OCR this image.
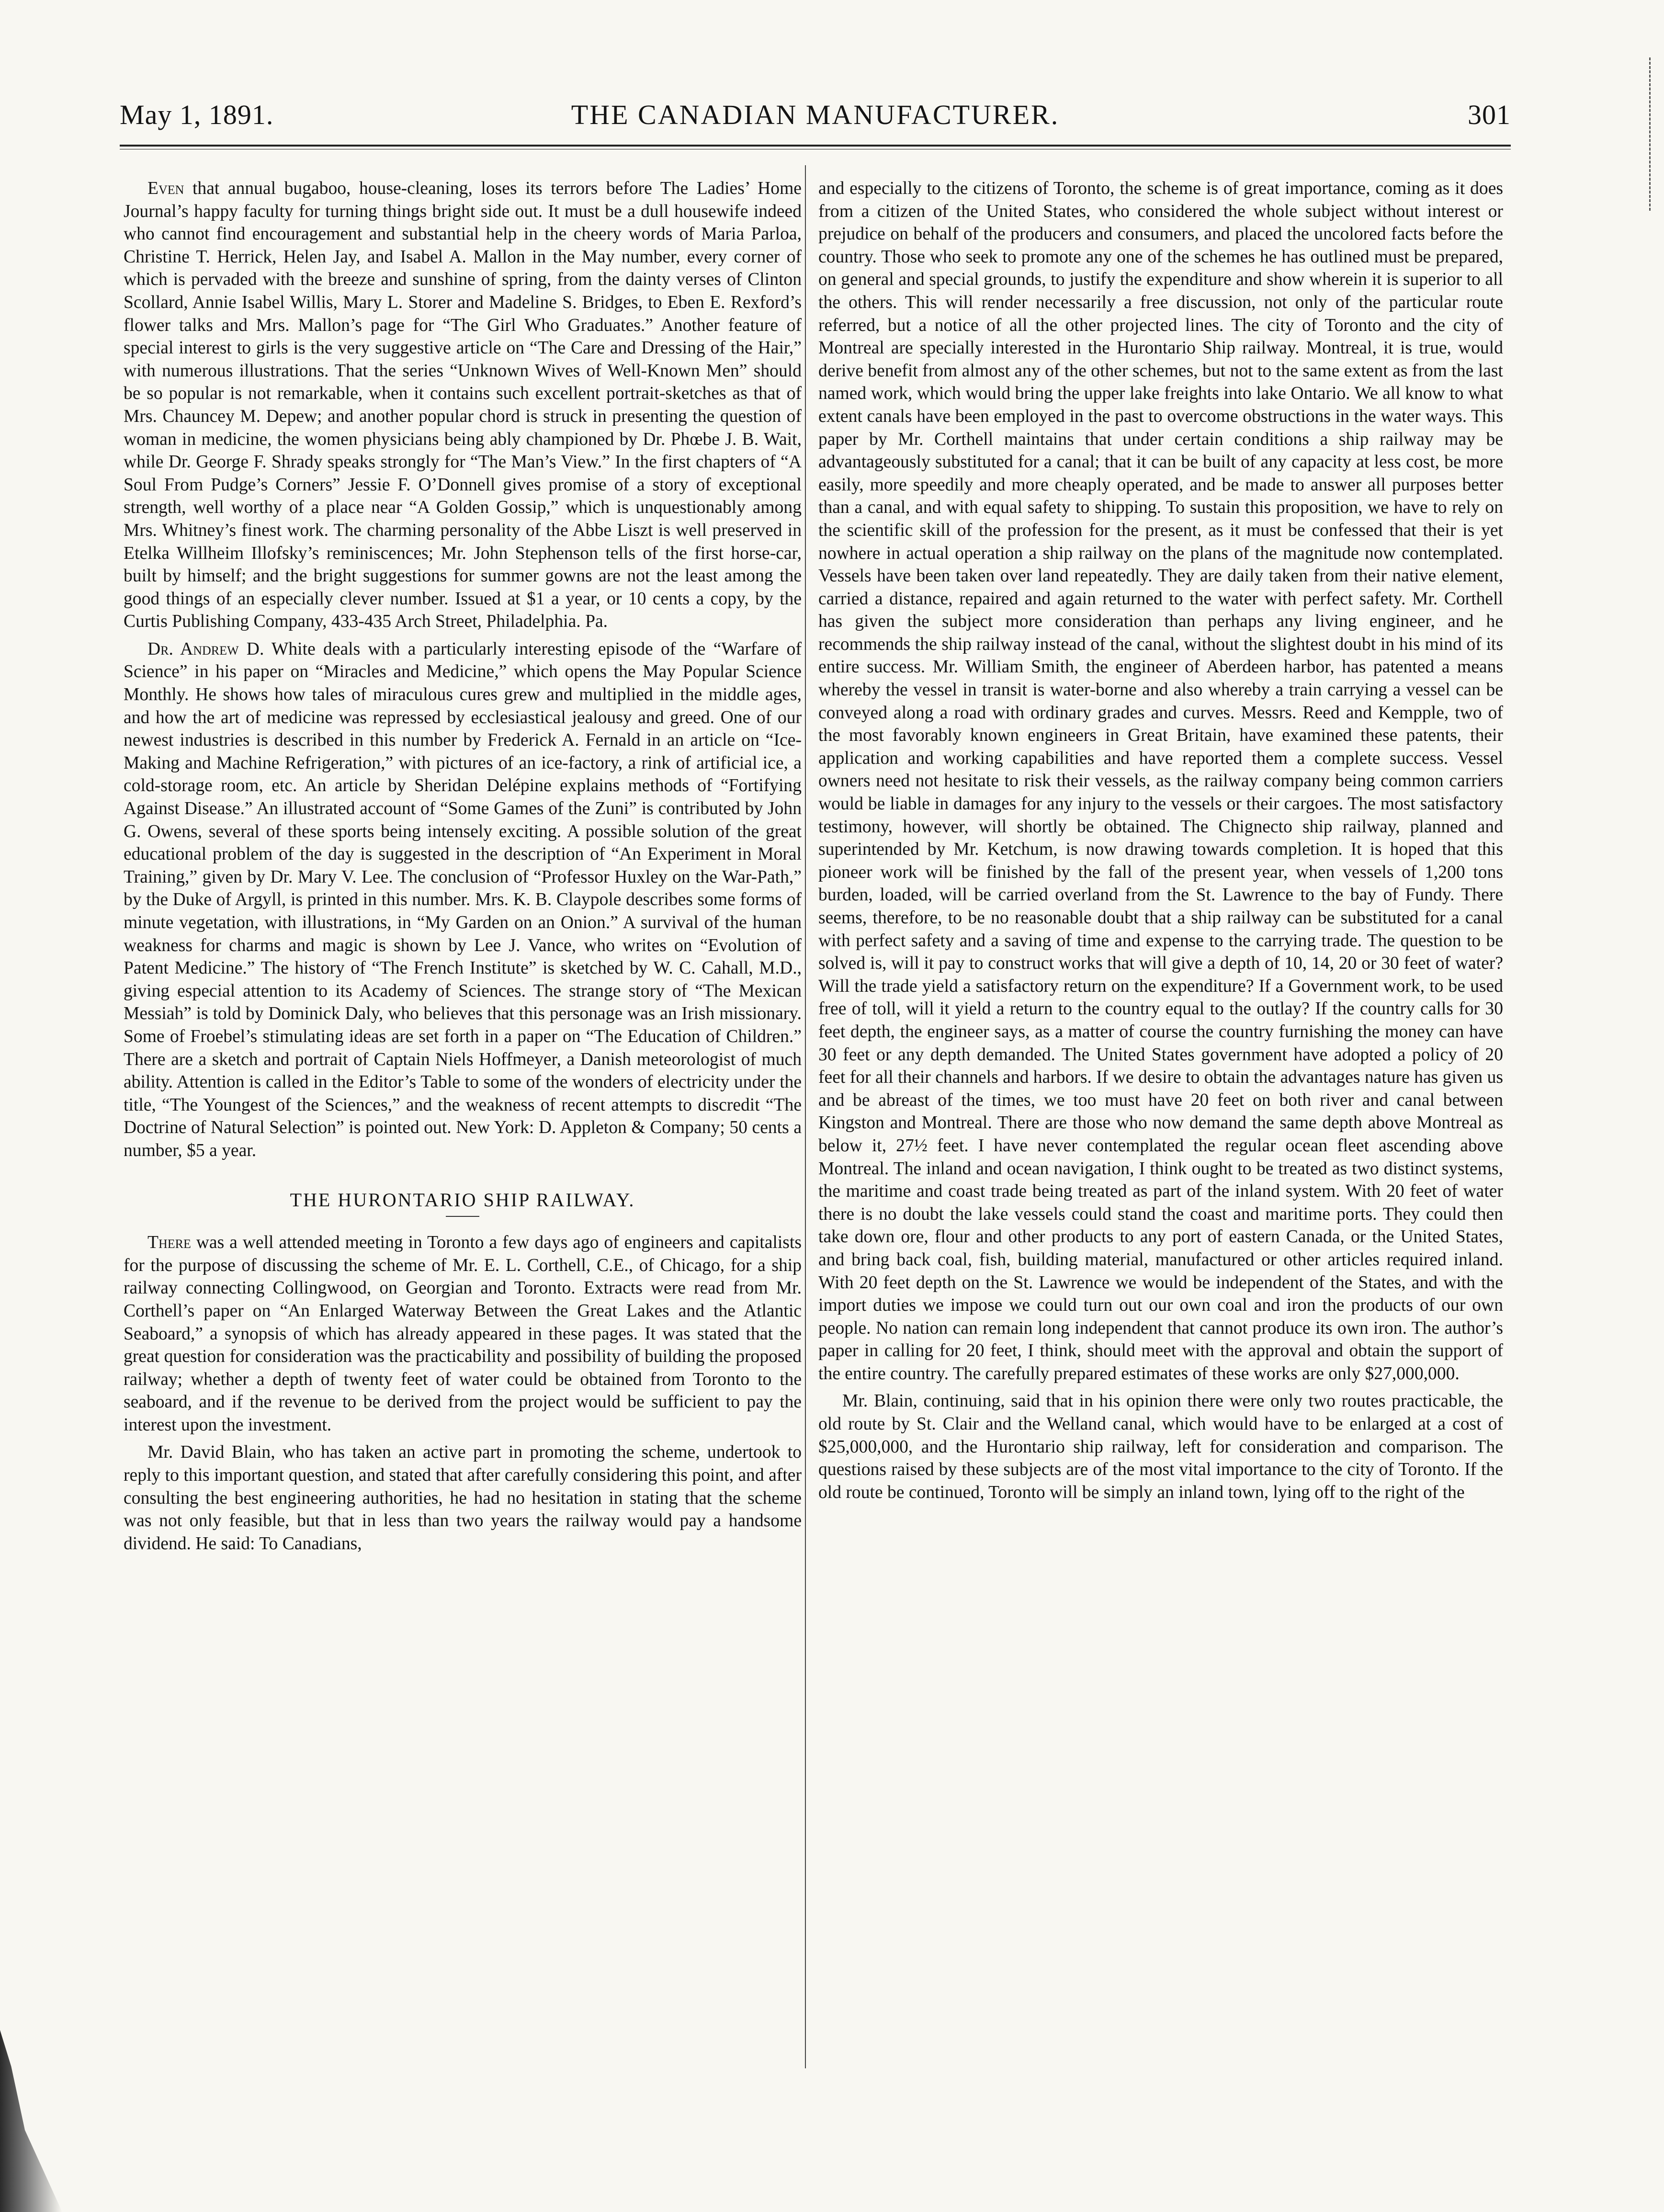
May 1, 1891.	THE CANADIAN MANUFACTURER.	301

Even that annual bugaboo, house-cleaning, loses its terrors before The Ladies’ Home Journal’s happy faculty for turning things bright side out. It must be a dull housewife indeed who cannot find encouragement and substantial help in the cheery words of Maria Parloa, Christine T. Herrick, Helen Jay, and Isabel A. Mallon in the May number, every corner of which is pervaded with the breeze and sunshine of spring, from the dainty verses of Clinton Scollard, Annie Isabel Willis, Mary L. Storer and Madeline S. Bridges, to Eben E. Rexford’s flower talks and Mrs. Mallon’s page for “The Girl Who Graduates.” Another feature of special interest to girls is the very suggestive article on “The Care and Dressing of the Hair,” with numerous illustrations. That the series “Unknown Wives of Well-Known Men” should be so popular is not remarkable, when it contains such excellent portrait-sketches as that of Mrs. Chauncey M. Depew; and another popular chord is struck in presenting the question of woman in medicine, the women physicians being ably championed by Dr. Phœbe J. B. Wait, while Dr. George F. Shrady speaks strongly for “The Man’s View.” In the first chapters of “A Soul From Pudge’s Corners” Jessie F. O’Donnell gives promise of a story of exceptional strength, well worthy of a place near “A Golden Gossip,” which is unquestionably among Mrs. Whitney’s finest work. The charming personality of the Abbe Liszt is well preserved in Etelka Willheim Illofsky’s reminiscences; Mr. John Stephenson tells of the first horse-car, built by himself; and the bright suggestions for summer gowns are not the least among the good things of an especially clever number. Issued at $1 a year, or 10 cents a copy, by the Curtis Publishing Company, 433-435 Arch Street, Philadelphia. Pa.

Dr. Andrew D. White deals with a particularly interesting episode of the “Warfare of Science” in his paper on “Miracles and Medicine,” which opens the May Popular Science Monthly. He shows how tales of miraculous cures grew and multiplied in the middle ages, and how the art of medicine was repressed by ecclesiastical jealousy and greed. One of our newest industries is described in this number by Frederick A. Fernald in an article on “Ice-Making and Machine Refrigeration,” with pictures of an ice-factory, a rink of artificial ice, a cold-storage room, etc. An article by Sheridan Delépine explains methods of “Fortifying Against Disease.” An illustrated account of “Some Games of the Zuni” is contributed by John G. Owens, several of these sports being intensely exciting. A possible solution of the great educational problem of the day is suggested in the description of “An Experiment in Moral Training,” given by Dr. Mary V. Lee. The conclusion of “Professor Huxley on the War-Path,” by the Duke of Argyll, is printed in this number. Mrs. K. B. Claypole describes some forms of minute vegetation, with illustrations, in “My Garden on an Onion.” A survival of the human weakness for charms and magic is shown by Lee J. Vance, who writes on “Evolution of Patent Medicine.” The history of “The French Institute” is sketched by W. C. Cahall, M.D., giving especial attention to its Academy of Sciences. The strange story of “The Mexican Messiah” is told by Dominick Daly, who believes that this personage was an Irish missionary. Some of Froebel’s stimulating ideas are set forth in a paper on “The Education of Children.” There are a sketch and portrait of Captain Niels Hoffmeyer, a Danish meteorologist of much ability. Attention is called in the Editor’s Table to some of the wonders of electricity under the title, “The Youngest of the Sciences,” and the weakness of recent attempts to discredit “The Doctrine of Natural Selection” is pointed out. New York: D. Appleton & Company; 50 cents a number, $5 a year.

THE HURONTARIO SHIP RAILWAY.

There was a well attended meeting in Toronto a few days ago of engineers and capitalists for the purpose of discussing the scheme of Mr. E. L. Corthell, C.E., of Chicago, for a ship railway connecting Collingwood, on Georgian and Toronto. Extracts were read from Mr. Corthell’s paper on “An Enlarged Waterway Between the Great Lakes and the Atlantic Seaboard,” a synopsis of which has already appeared in these pages. It was stated that the great question for consideration was the practicability and possibility of building the proposed railway; whether a depth of twenty feet of water could be obtained from Toronto to the seaboard, and if the revenue to be derived from the project would be sufficient to pay the interest upon the investment.

Mr. David Blain, who has taken an active part in promoting the scheme, undertook to reply to this important question, and stated that after carefully considering this point, and after consulting the best engineering authorities, he had no hesitation in stating that the scheme was not only feasible, but that in less than two years the railway would pay a handsome dividend. He said: To Canadians,

and especially to the citizens of Toronto, the scheme is of great importance, coming as it does from a citizen of the United States, who considered the whole subject without interest or prejudice on behalf of the producers and consumers, and placed the uncolored facts before the country. Those who seek to promote any one of the schemes he has outlined must be prepared, on general and special grounds, to justify the expenditure and show wherein it is superior to all the others. This will render necessarily a free discussion, not only of the particular route referred, but a notice of all the other projected lines. The city of Toronto and the city of Montreal are specially interested in the Hurontario Ship railway. Montreal, it is true, would derive benefit from almost any of the other schemes, but not to the same extent as from the last named work, which would bring the upper lake freights into lake Ontario. We all know to what extent canals have been employed in the past to overcome obstructions in the water ways. This paper by Mr. Corthell maintains that under certain conditions a ship railway may be advantageously substituted for a canal; that it can be built of any capacity at less cost, be more easily, more speedily and more cheaply operated, and be made to answer all purposes better than a canal, and with equal safety to shipping. To sustain this proposition, we have to rely on the scientific skill of the profession for the present, as it must be confessed that their is yet nowhere in actual operation a ship railway on the plans of the magnitude now contemplated. Vessels have been taken over land repeatedly. They are daily taken from their native element, carried a distance, repaired and again returned to the water with perfect safety. Mr. Corthell has given the subject more consideration than perhaps any living engineer, and he recommends the ship railway instead of the canal, without the slightest doubt in his mind of its entire success. Mr. William Smith, the engineer of Aberdeen harbor, has patented a means whereby the vessel in transit is water-borne and also whereby a train carrying a vessel can be conveyed along a road with ordinary grades and curves. Messrs. Reed and Kempple, two of the most favorably known engineers in Great Britain, have examined these patents, their application and working capabilities and have reported them a complete success. Vessel owners need not hesitate to risk their vessels, as the railway company being common carriers would be liable in damages for any injury to the vessels or their cargoes. The most satisfactory testimony, however, will shortly be obtained. The Chignecto ship railway, planned and superintended by Mr. Ketchum, is now drawing towards completion. It is hoped that this pioneer work will be finished by the fall of the present year, when vessels of 1,200 tons burden, loaded, will be carried overland from the St. Lawrence to the bay of Fundy. There seems, therefore, to be no reasonable doubt that a ship railway can be substituted for a canal with perfect safety and a saving of time and expense to the carrying trade. The question to be solved is, will it pay to construct works that will give a depth of 10, 14, 20 or 30 feet of water? Will the trade yield a satisfactory return on the expenditure? If a Government work, to be used free of toll, will it yield a return to the country equal to the outlay? If the country calls for 30 feet depth, the engineer says, as a matter of course the country furnishing the money can have 30 feet or any depth demanded. The United States government have adopted a policy of 20 feet for all their channels and harbors. If we desire to obtain the advantages nature has given us and be abreast of the times, we too must have 20 feet on both river and canal between Kingston and Montreal. There are those who now demand the same depth above Montreal as below it, 27½ feet. I have never contemplated the regular ocean fleet ascending above Montreal. The inland and ocean navigation, I think ought to be treated as two distinct systems, the maritime and coast trade being treated as part of the inland system. With 20 feet of water there is no doubt the lake vessels could stand the coast and maritime ports. They could then take down ore, flour and other products to any port of eastern Canada, or the United States, and bring back coal, fish, building material, manufactured or other articles required inland. With 20 feet depth on the St. Lawrence we would be independent of the States, and with the import duties we impose we could turn out our own coal and iron the products of our own people. No nation can remain long independent that cannot produce its own iron. The author’s paper in calling for 20 feet, I think, should meet with the approval and obtain the support of the entire country. The carefully prepared estimates of these works are only $27,000,000.

Mr. Blain, continuing, said that in his opinion there were only two routes practicable, the old route by St. Clair and the Welland canal, which would have to be enlarged at a cost of $25,000,000, and the Hurontario ship railway, left for consideration and comparison. The questions raised by these subjects are of the most vital importance to the city of Toronto. If the old route be continued, Toronto will be simply an inland town, lying off to the right of the
